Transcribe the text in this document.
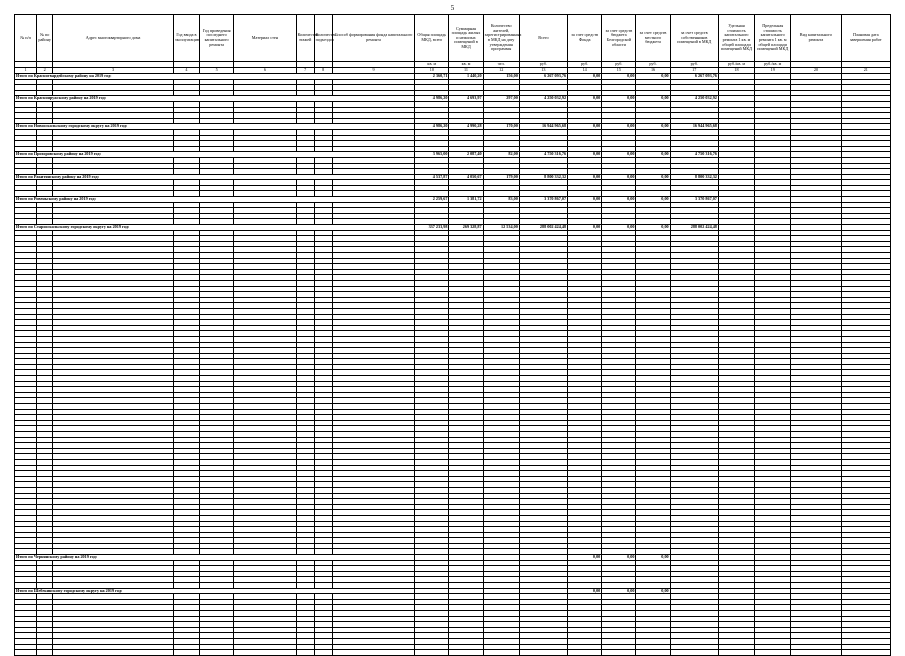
5
№ п/п	№ по району	Адрес многоквартирного дома	Год ввода в эксплуатацию	Год проведения последнего капитального ремонта	Материал стен	Количество этажей	Количество подъездов	Способ формирования фонда капитального ремонта	Общая площадь МКД, всего	Суммарная площадь жилых и нежилых помещений в МКД	Количество жителей, зарегистрированных в МКД на дату утверждения программы	Всего	за счет средств Фонда	за счет средств бюджета Белгородской области	за счет средств местного бюджета	за счет средств собственников помещений в МКД	Удельная стоимость капитального ремонта 1 кв. м общей площади помещений МКД	Предельная стоимость капитального ремонта 1 кв. м общей площади помещений МКД	Вид капитального ремонта	Плановая дата завершения работ
									кв. м	кв. м	чел.	руб.	руб.	руб.	руб.	руб.	руб./кв. м	руб./кв. м		
1	2	3	4	5	6	7	8	9	10	11	12	13	14	15	16	17	18	19	20	21
Итого по Красногвардейскому району на 2019 год:									2 360,71	1 440,20	156,00	6 267 093,76	0,00	0,00	0,00	6 267 093,76				

Итого по Краснояружскому району на 2019 год:									4 986,20	4 693,97	297,00	4 250 032,92	0,00	0,00	0,00	4 250 032,92				

Итого по Новооскольскому городскому округу на 2019 год:									4 986,20	4 990,28	170,00	16 944 965,68	0,00	0,00	0,00	16 944 965,68				

Итого по Прохоровскому району на 2019 год:									3 965,00	2 087,40	82,00	4 750 316,76	0,00	0,00	0,00	4 750 316,76				

Итого по Ракитянскому району на 2019 год:									4 537,87	4 050,67	179,00	8 800 332,32	0,00	0,00	0,00	8 800 332,32				

Итого по Ровеньскому району на 2019 год:									2 259,67	1 381,72	83,00	3 370 867,07	0,00	0,00	0,00	3 370 867,07				

Итого по Старооскольскому городскому округу на 2019 год:									337 233,98	269 328,87	12 534,00	288 002 424,48	0,00	0,00	0,00	288 002 424,48				

Итого по Чернянскому району на 2019 год:													0,00	0,00	0,00					

Итого по Шебекинскому городскому округу на 2019 год:													0,00	0,00	0,00					
